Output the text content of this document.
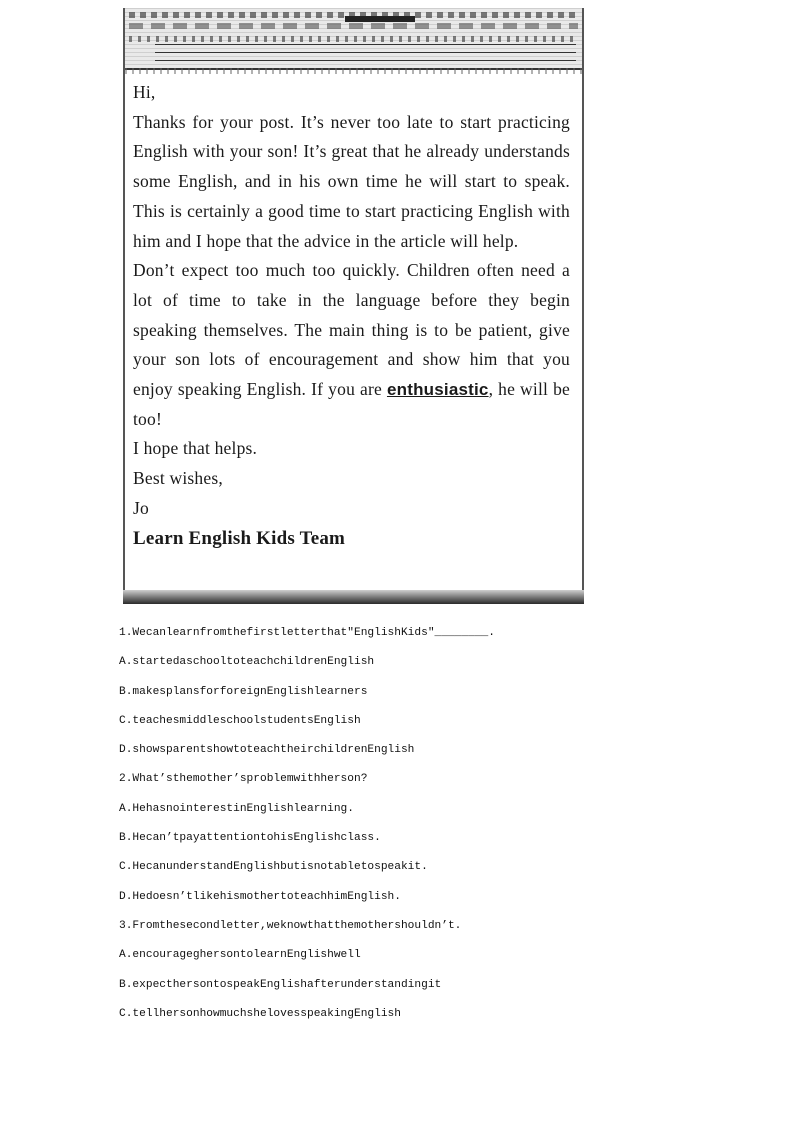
Hi,

Thanks for your post. It’s never too late to start practicing English with your son! It’s great that he already understands some English, and in his own time he will start to speak. This is certainly a good time to start practicing English with him and I hope that the advice in the article will help.

Don’t expect too much too quickly. Children often need a lot of time to take in the language before they begin speaking themselves. The main thing is to be patient, give your son lots of encouragement and show him that you enjoy speaking English. If you are enthusiastic, he will be too!

I hope that helps.

Best wishes,

Jo

Learn English Kids Team

1.Wecanlearnfromthefirstletterthat"EnglishKids"________.
A.startedaschooltoteachchildrenEnglish
B.makesplansforforeignEnglishlearners
C.teachesmiddleschoolstudentsEnglish
D.showsparentshowtoteachtheirchildrenEnglish
2.What’sthemother’sproblemwithherson?
A.HehasnointerestinEnglishlearning.
B.Hecan’tpayattentiontohisEnglishclass.
C.HecanunderstandEnglishbutisnotabletospeakit.
D.Hedoesn’tlikehismothertoteachhimEnglish.
3.Fromthesecondletter,weknowthatthemothershouldn’t.
A.encourageghersontolearnEnglishwell
B.expecthersontospeakEnglishafterunderstandingit
C.tellhersonhowmuchshelovesspeakingEnglish
